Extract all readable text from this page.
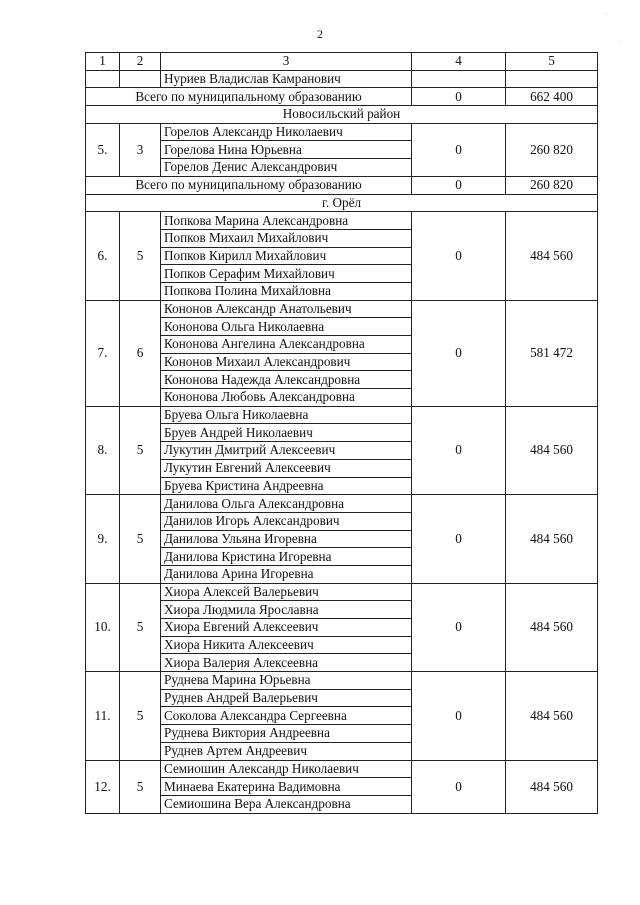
2
·
·
1	2	3	4	5
		Нуриев Владислав Камранович		
Всего по муниципальному образованию			0	662 400
Новосильский район				
5.	3	Горелов Александр Николаевич	0	260 820
		Горелова Нина Юрьевна		
		Горелов Денис Александрович		
Всего по муниципальному образованию			0	260 820
г. Орёл				
6.	5	Попкова Марина Александровна	0	484 560
		Попков Михаил Михайлович		
		Попков Кирилл Михайлович		
		Попков Серафим Михайлович		
		Попкова Полина Михайловна		
7.	6	Кононов Александр Анатольевич	0	581 472
		Кононова Ольга Николаевна		
		Кононова Ангелина Александровна		
		Кононов Михаил Александрович		
		Кононова Надежда Александровна		
		Кононова Любовь Александровна		
8.	5	Бруева Ольга Николаевна	0	484 560
		Бруев Андрей Николаевич		
		Лукутин Дмитрий Алексеевич		
		Лукутин Евгений Алексеевич		
		Бруева Кристина Андреевна		
9.	5	Данилова Ольга Александровна	0	484 560
		Данилов Игорь Александрович		
		Данилова Ульяна Игоревна		
		Данилова Кристина Игоревна		
		Данилова Арина Игоревна		
10.	5	Хиора Алексей Валерьевич	0	484 560
		Хиора Людмила Ярославна		
		Хиора Евгений Алексеевич		
		Хиора Никита Алексеевич		
		Хиора Валерия Алексеевна		
11.	5	Руднева Марина Юрьевна	0	484 560
		Руднев Андрей Валерьевич		
		Соколова Александра Сергеевна		
		Руднева Виктория Андреевна		
		Руднев Артем Андреевич		
12.	5	Семиошин Александр Николаевич	0	484 560
		Минаева Екатерина Вадимовна		
		Семиошина Вера Александровна		
